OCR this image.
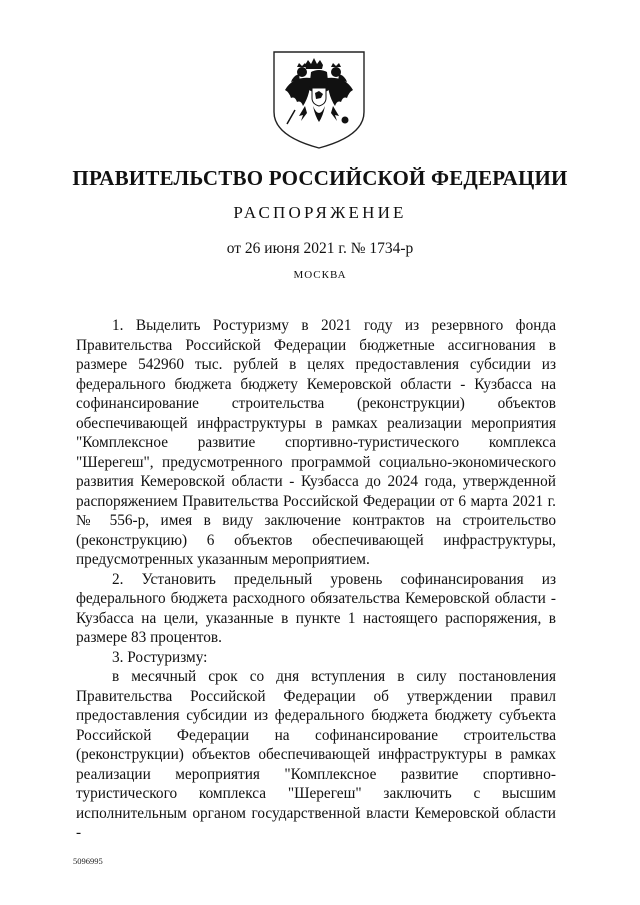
ПРАВИТЕЛЬСТВО РОССИЙСКОЙ ФЕДЕРАЦИИ
РАСПОРЯЖЕНИЕ
от 26 июня 2021 г. № 1734-р
МОСКВА

1. Выделить Ростуризму в 2021 году из резервного фонда Правительства Российской Федерации бюджетные ассигнования в размере 542960 тыс. рублей в целях предоставления субсидии из федерального бюджета бюджету Кемеровской области - Кузбасса на софинансирование строительства (реконструкции) объектов обеспечивающей инфраструктуры в рамках реализации мероприятия "Комплексное развитие спортивно-туристического комплекса "Шерегеш", предусмотренного программой социально-экономического развития Кемеровской области - Кузбасса до 2024 года, утвержденной распоряжением Правительства Российской Федерации от 6 марта 2021 г. № 556-р, имея в виду заключение контрактов на строительство (реконструкцию) 6 объектов обеспечивающей инфраструктуры, предусмотренных указанным мероприятием.

2. Установить предельный уровень софинансирования из федерального бюджета расходного обязательства Кемеровской области - Кузбасса на цели, указанные в пункте 1 настоящего распоряжения, в размере 83 процентов.

3. Ростуризму:

в месячный срок со дня вступления в силу постановления Правительства Российской Федерации об утверждении правил предоставления субсидии из федерального бюджета бюджету субъекта Российской Федерации на софинансирование строительства (реконструкции) объектов обеспечивающей инфраструктуры в рамках реализации мероприятия "Комплексное развитие спортивно-туристического комплекса "Шерегеш" заключить с высшим исполнительным органом государственной власти Кемеровской области -

5096995
